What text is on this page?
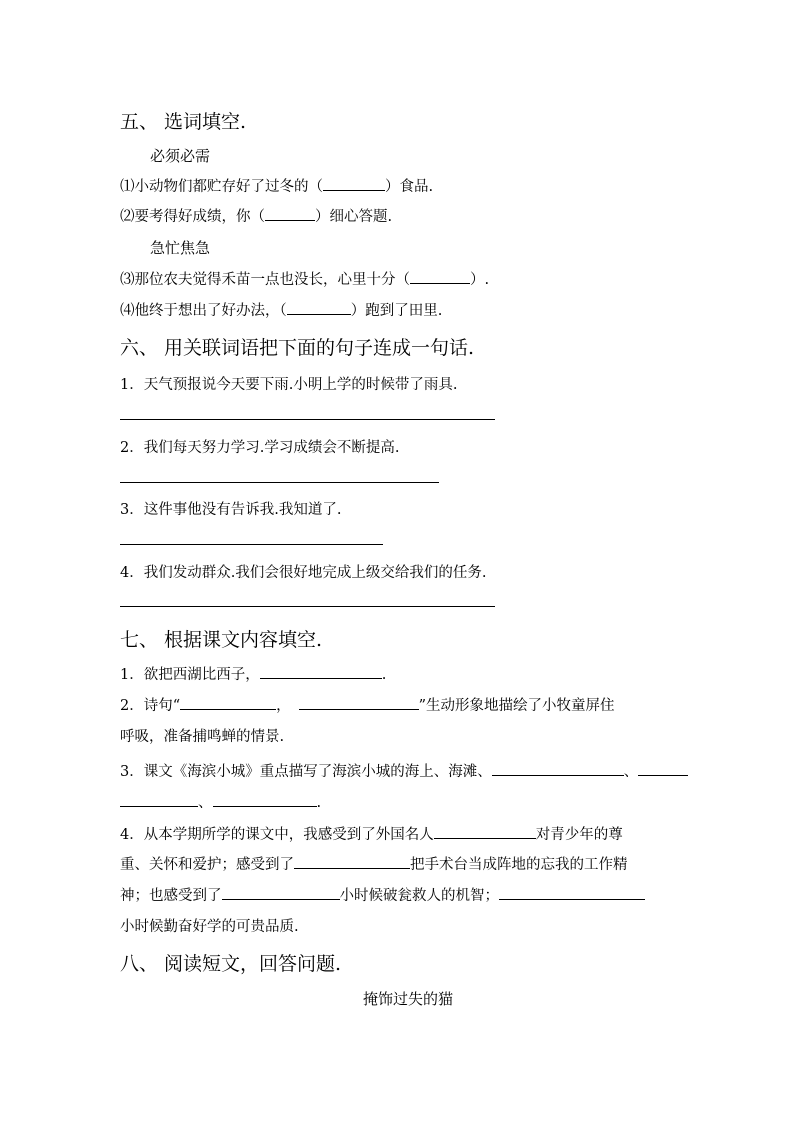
五、 选词填空.
必须必需
⑴小动物们都贮存好了过冬的（	）食品.
⑵要考得好成绩，你（	）细心答题.
急忙焦急
⑶那位农夫觉得禾苗一点也没长，心里十分（	）.
⑷他终于想出了好办法，（	）跑到了田里.
六、 用关联词语把下面的句子连成一句话.
1．天气预报说今天要下雨.小明上学的时候带了雨具.
2．我们每天努力学习.学习成绩会不断提高.
3．这件事他没有告诉我.我知道了.
4．我们发动群众.我们会很好地完成上级交给我们的任务.
七、 根据课文内容填空.
1．欲把西湖比西子，	.
2．诗句“	，	”生动形象地描绘了小牧童屏住
呼吸，准备捕鸣蝉的情景.
3．课文《海滨小城》重点描写了海滨小城的海上、海滩、	、
、	.
4．从本学期所学的课文中，我感受到了外国名人	对青少年的尊
重、关怀和爱护；感受到了	把手术台当成阵地的忘我的工作精
神；也感受到了	小时候破瓮救人的机智；
小时候勤奋好学的可贵品质.
八、 阅读短文，回答问题.
掩饰过失的猫
